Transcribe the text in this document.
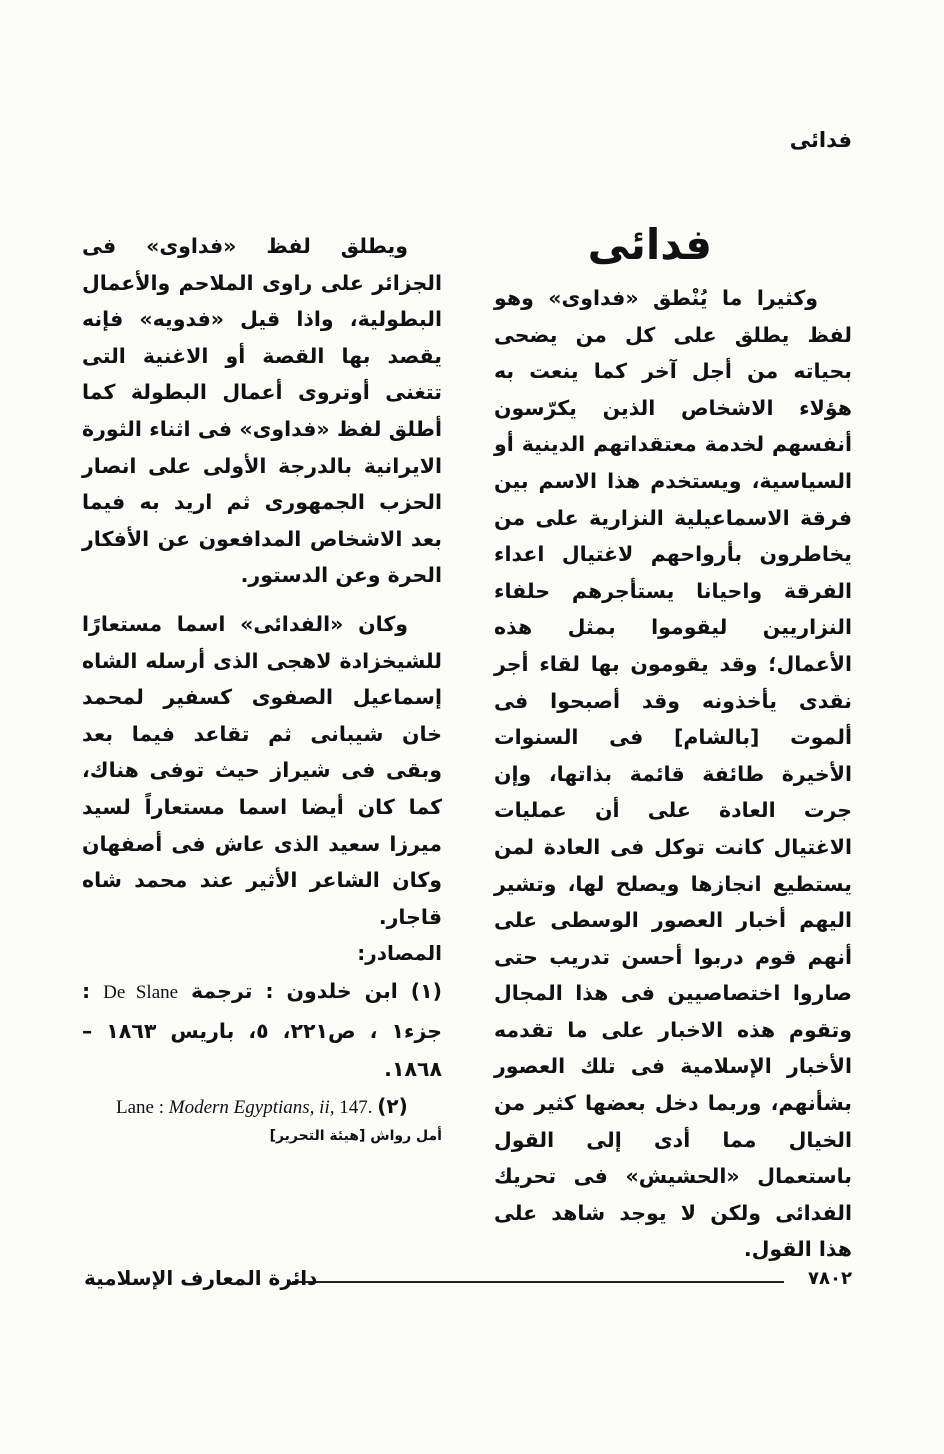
فدائى
فدائى

وكثيرا ما يُنْطق «فداوى» وهو لفظ يطلق على كل من يضحى بحياته من أجل آخر كما ينعت به هؤلاء الاشخاص الذين يكرّسون أنفسهم لخدمة معتقداتهم الدينية أو السياسية، ويستخدم هذا الاسم بين فرقة الاسماعيلية النزارية على من يخاطرون بأرواحهم لاغتيال اعداء الفرقة واحيانا يستأجرهم حلفاء النزاريين ليقوموا بمثل هذه الأعمال؛ وقد يقومون بها لقاء أجر نقدى يأخذونه وقد أصبحوا فى ألموت [بالشام] فى السنوات الأخيرة طائفة قائمة بذاتها، وإن جرت العادة على أن عمليات الاغتيال كانت توكل فى العادة لمن يستطيع انجازها ويصلح لها، وتشير اليهم أخبار العصور الوسطى على أنهم قوم دربوا أحسن تدريب حتى صاروا اختصاصيين فى هذا المجال وتقوم هذه الاخبار على ما تقدمه الأخبار الإسلامية فى تلك العصور بشأنهم، وربما دخل بعضها كثير من الخيال مما أدى إلى القول باستعمال «الحشيش» فى تحريك الفدائى ولكن لا يوجد شاهد على هذا القول.

ويطلق لفظ «فداوى» فى الجزائر على راوى الملاحم والأعمال البطولية، واذا قيل «فدويه» فإنه يقصد بها القصة أو الاغنية التى تتغنى أوتروى أعمال البطولة كما أطلق لفظ «فداوى» فى اثناء الثورة الايرانية بالدرجة الأولى على انصار الحزب الجمهورى ثم اريد به فيما بعد الاشخاص المدافعون عن الأفكار الحرة وعن الدستور.

وكان «الفدائى» اسما مستعارًا للشيخزادة لاهجى الذى أرسله الشاه إسماعيل الصفوى كسفير لمحمد خان شيبانى ثم تقاعد فيما بعد وبقى فى شيراز حيث توفى هناك، كما كان أيضا اسما مستعاراً لسيد ميرزا سعيد الذى عاش فى أصفهان وكان الشاعر الأثير عند محمد شاه قاجار.

المصادر:

(١) ابن خلدون : ترجمة De Slane : جزء١ ، ص٢٢١، ٥، باريس ١٨٦٣ – ١٨٦٨.

Lane : Modern Egyptians, ii, 147. (٢)

أمل رواش [هيئة التحرير]

٧٨٠٢
دائرة المعارف الإسلامية
